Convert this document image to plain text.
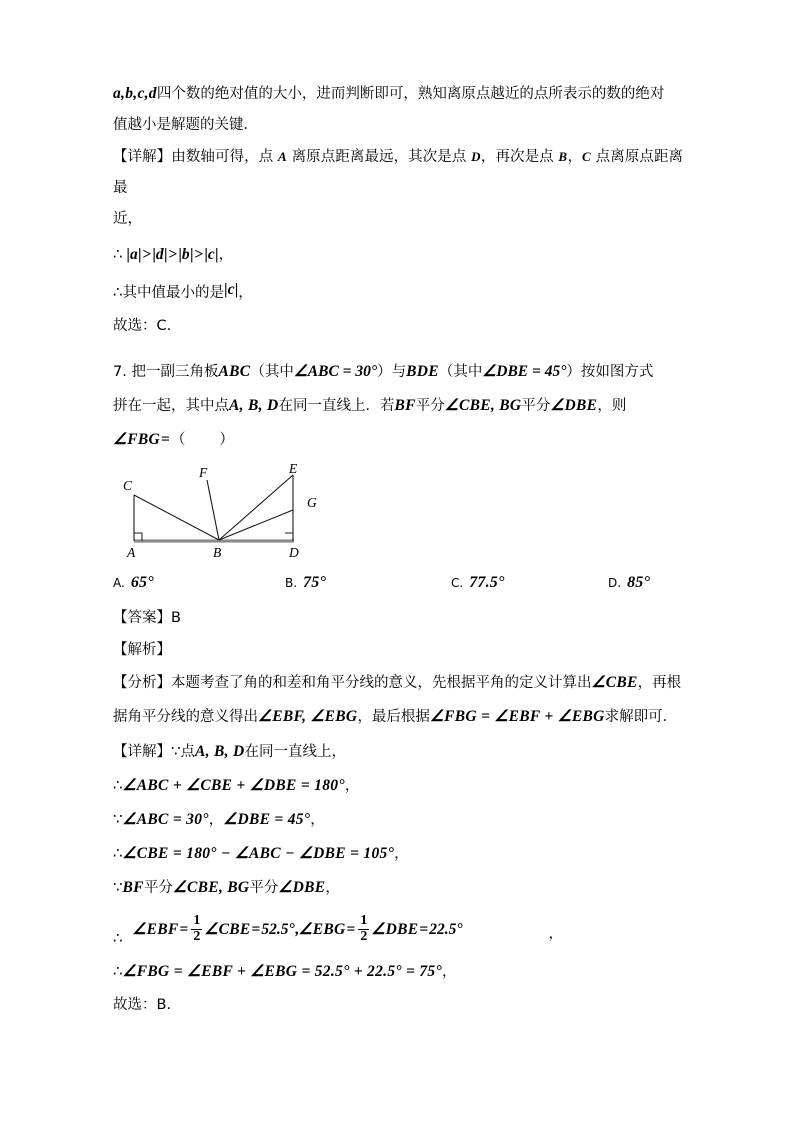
a,b,c,d四个数的绝对值的大小，进而判断即可，熟知离原点越近的点所表示的数的绝对
值越小是解题的关键．
【详解】由数轴可得，点 A 离原点距离最远，其次是点 D，再次是点 B，C 点离原点距离最
近，
∴ |a|>|d|>|b|>|c|，
∴其中值最小的是|c|，
故选：C.
7. 把一副三角板ABC（其中∠ABC = 30°）与BDE（其中∠DBE = 45°）按如图方式
拼在一起，其中点A, B, D在同一直线上．若BF平分∠CBE, BG平分∠DBE，则
∠FBG=（ ）
A	B
C
D
E
F
G
A. 65°	B. 75°	C. 77.5°	D. 85°
【答案】B
【解析】
【分析】本题考查了角的和差和角平分线的意义，先根据平角的定义计算出∠CBE，再根
据角平分线的意义得出∠EBF, ∠EBG，最后根据∠FBG = ∠EBF + ∠EBG求解即可．
【详解】∵点A, B, D在同一直线上，
∴∠ABC + ∠CBE + ∠DBE = 180°，
∵∠ABC = 30°，∠DBE = 45°，
∴∠CBE = 180° − ∠ABC − ∠DBE = 105°，
∵BF平分∠CBE, BG平分∠DBE，
∴ ∠EBF= $\frac{1}{2}$ ∠CBE=52.5°,∠EBG= $\frac{1}{2}$ ∠DBE=22.5°	，
∴∠FBG = ∠EBF + ∠EBG = 52.5° + 22.5° = 75°，
故选：B.
